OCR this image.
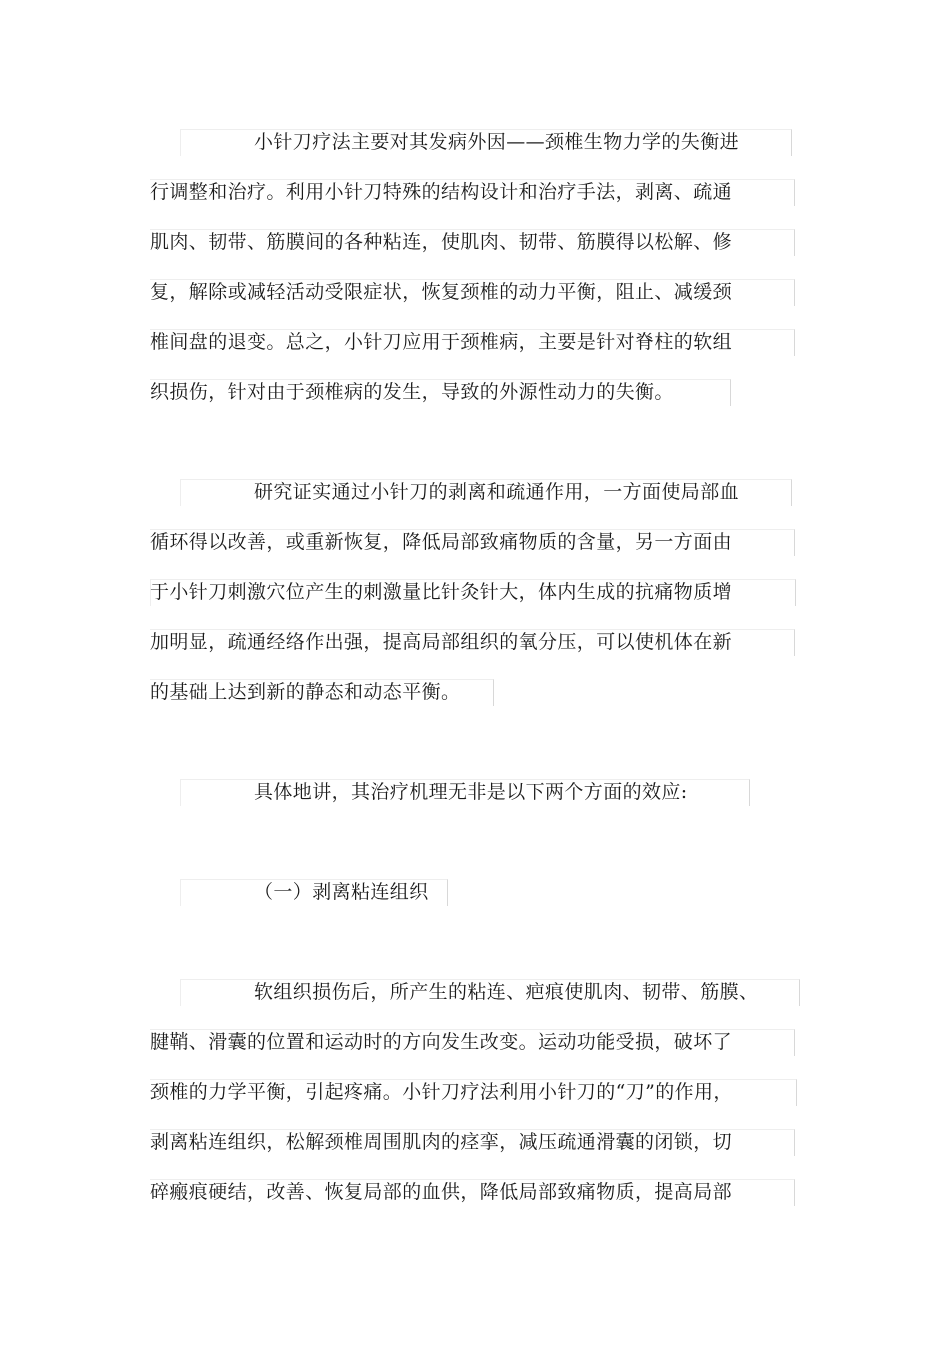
小针刀疗法主要对其发病外因——颈椎生物力学的失衡进
行调整和治疗。利用小针刀特殊的结构设计和治疗手法，剥离、疏通
肌肉、韧带、筋膜间的各种粘连，使肌肉、韧带、筋膜得以松解、修
复，解除或减轻活动受限症状，恢复颈椎的动力平衡，阻止、减缓颈
椎间盘的退变。总之，小针刀应用于颈椎病，主要是针对脊柱的软组
织损伤，针对由于颈椎病的发生，导致的外源性动力的失衡。
研究证实通过小针刀的剥离和疏通作用，一方面使局部血
循环得以改善，或重新恢复，降低局部致痛物质的含量，另一方面由
于小针刀刺激穴位产生的刺激量比针灸针大，体内生成的抗痛物质增
加明显，疏通经络作出强，提高局部组织的氧分压，可以使机体在新
的基础上达到新的静态和动态平衡。
具体地讲，其治疗机理无非是以下两个方面的效应:
（一）剥离粘连组织
软组织损伤后，所产生的粘连、疤痕使肌肉、韧带、筋膜、
腱鞘、滑囊的位置和运动时的方向发生改变。运动功能受损，破坏了
颈椎的力学平衡，引起疼痛。小针刀疗法利用小针刀的“刀”的作用，
剥离粘连组织，松解颈椎周围肌肉的痉挛，减压疏通滑囊的闭锁，切
碎瘢痕硬结，改善、恢复局部的血供，降低局部致痛物质，提高局部
